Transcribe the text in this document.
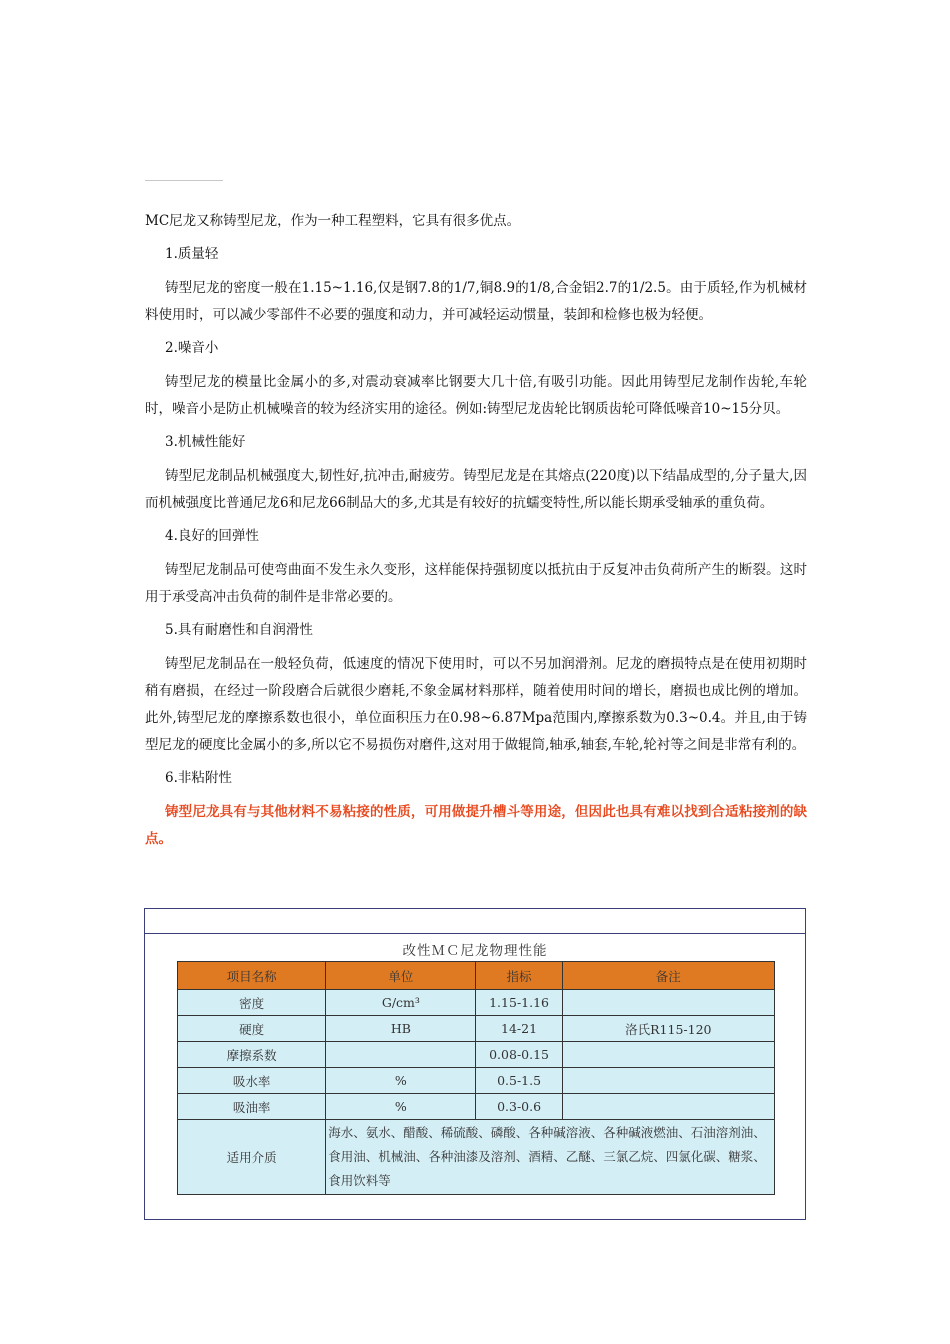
MC尼龙又称铸型尼龙，作为一种工程塑料，它具有很多优点。

1.质量轻

铸型尼龙的密度一般在1.15~1.16,仅是钢7.8的1/7,铜8.9的1/8,合金铝2.7的1/2.5。由于质轻,作为机械材料使用时，可以减少零部件不必要的强度和动力，并可减轻运动惯量，装卸和检修也极为轻便。

2.噪音小

铸型尼龙的模量比金属小的多,对震动衰减率比钢要大几十倍,有吸引功能。因此用铸型尼龙制作齿轮,车轮时，噪音小是防止机械噪音的较为经济实用的途径。例如:铸型尼龙齿轮比钢质齿轮可降低噪音10~15分贝。

3.机械性能好

铸型尼龙制品机械强度大,韧性好,抗冲击,耐疲劳。铸型尼龙是在其熔点(220度)以下结晶成型的,分子量大,因而机械强度比普通尼龙6和尼龙66制品大的多,尤其是有较好的抗蠕变特性,所以能长期承受轴承的重负荷。

4.良好的回弹性

铸型尼龙制品可使弯曲面不发生永久变形，这样能保持强韧度以抵抗由于反复冲击负荷所产生的断裂。这时用于承受高冲击负荷的制件是非常必要的。

5.具有耐磨性和自润滑性

铸型尼龙制品在一般轻负荷，低速度的情况下使用时，可以不另加润滑剂。尼龙的磨损特点是在使用初期时稍有磨损，在经过一阶段磨合后就很少磨耗,不象金属材料那样，随着使用时间的增长，磨损也成比例的增加。此外,铸型尼龙的摩擦系数也很小，单位面积压力在0.98~6.87Mpa范围内,摩擦系数为0.3~0.4。并且,由于铸型尼龙的硬度比金属小的多,所以它不易损伤对磨件,这对用于做辊筒,轴承,轴套,车轮,轮衬等之间是非常有利的。

6.非粘附性

铸型尼龙具有与其他材料不易粘接的性质，可用做提升槽斗等用途，但因此也具有难以找到合适粘接剂的缺点。

改性ＭＣ尼龙物理性能
项目名称	单位	指标	备注
密度	G/cm³	1.15-1.16	
硬度	HB	14-21	洛氏R115-120
摩擦系数		0.08-0.15	
吸水率	%	0.5-1.5	
吸油率	%	0.3-0.6	
适用介质	海水、氨水、醋酸、稀硫酸、磷酸、各种碱溶液、各种碱液燃油、石油溶剂油、食用油、机械油、各种油漆及溶剂、酒精、乙醚、三氯乙烷、四氯化碳、糖浆、食用饮料等		
